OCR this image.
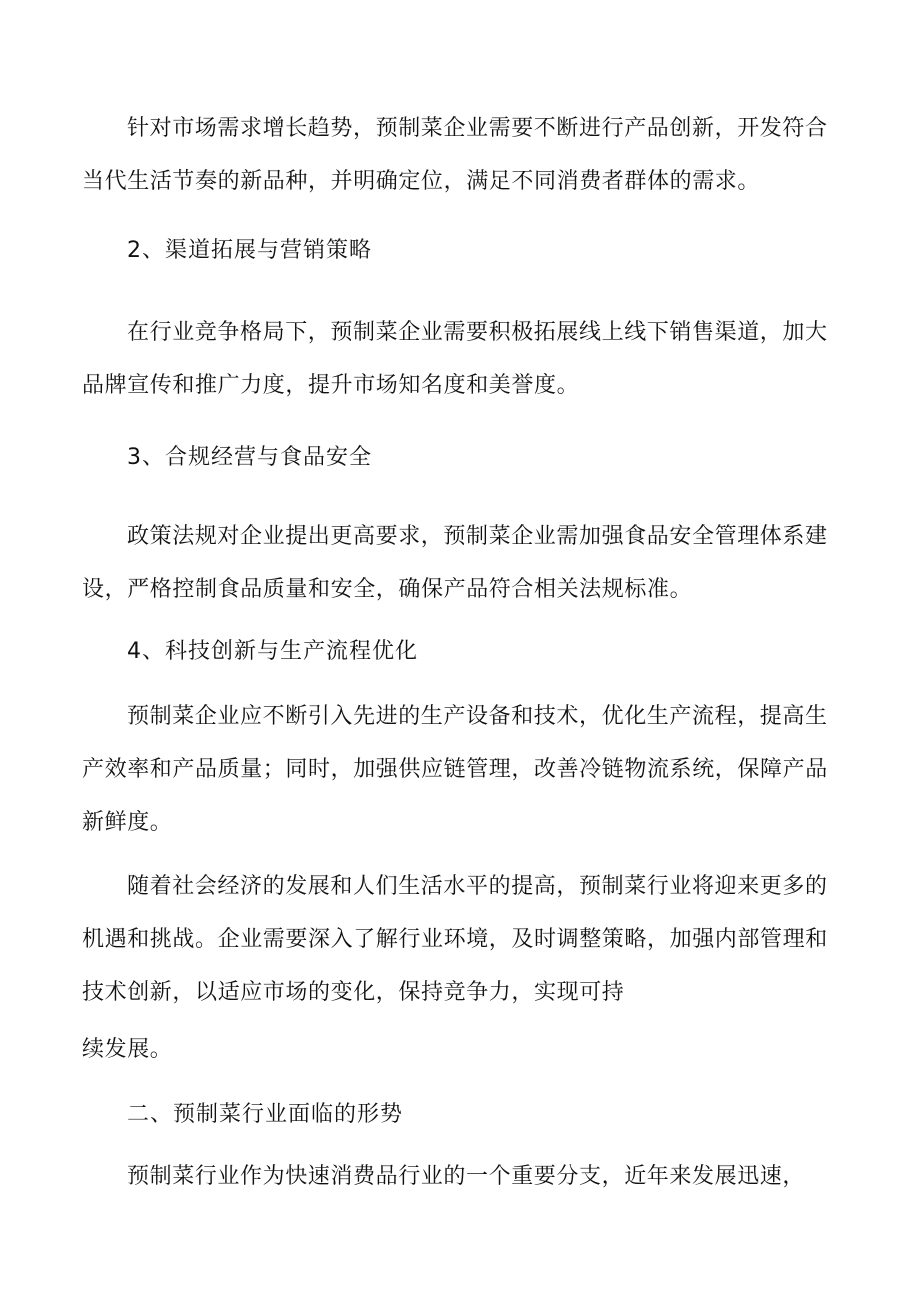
针对市场需求增长趋势，预制菜企业需要不断进行产品创新，开发符合
当代生活节奏的新品种，并明确定位，满足不同消费者群体的需求。
2、渠道拓展与营销策略
在行业竞争格局下，预制菜企业需要积极拓展线上线下销售渠道，加大
品牌宣传和推广力度，提升市场知名度和美誉度。
3、合规经营与食品安全
政策法规对企业提出更高要求，预制菜企业需加强食品安全管理体系建
设，严格控制食品质量和安全，确保产品符合相关法规标准。
4、科技创新与生产流程优化
预制菜企业应不断引入先进的生产设备和技术，优化生产流程，提高生
产效率和产品质量；同时，加强供应链管理，改善冷链物流系统，保障产品
新鲜度。
随着社会经济的发展和人们生活水平的提高，预制菜行业将迎来更多的
机遇和挑战。企业需要深入了解行业环境，及时调整策略，加强内部管理和
技术创新，以适应市场的变化，保持竞争力，实现可持
续发展。
二、预制菜行业面临的形势
预制菜行业作为快速消费品行业的一个重要分支，近年来发展迅速，
